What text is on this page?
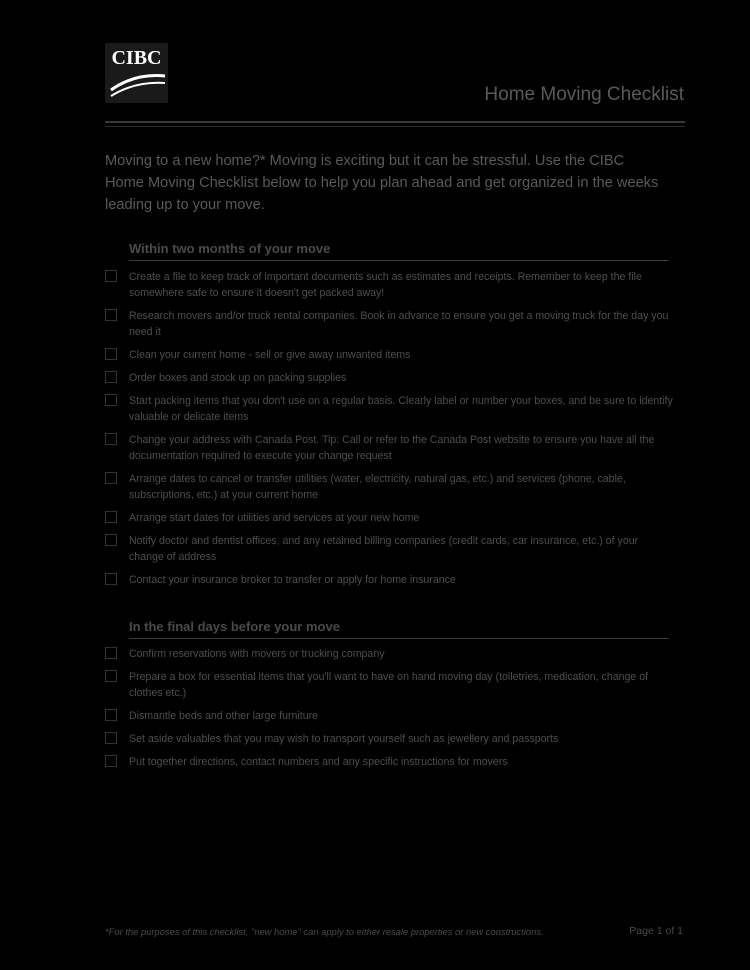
CIBC
Home Moving Checklist

Moving to a new home?* Moving is exciting but it can be stressful. Use the CIBC Home Moving Checklist below to help you plan ahead and get organized in the weeks leading up to your move.

Within two months of your move
Create a file to keep track of important documents such as estimates and receipts. Remember to keep the file somewhere safe to ensure it doesn't get packed away!
Research movers and/or truck rental companies. Book in advance to ensure you get a moving truck for the day you need it
Clean your current home - sell or give away unwanted items
Order boxes and stock up on packing supplies
Start packing items that you don't use on a regular basis. Clearly label or number your boxes, and be sure to identify valuable or delicate items
Change your address with Canada Post. Tip: Call or refer to the Canada Post website to ensure you have all the documentation required to execute your change request
Arrange dates to cancel or transfer utilities (water, electricity, natural gas, etc.) and services (phone, cable, subscriptions, etc.) at your current home
Arrange start dates for utilities and services at your new home
Notify doctor and dentist offices, and any retained billing companies (credit cards, car insurance, etc.) of your change of address
Contact your insurance broker to transfer or apply for home insurance
In the final days before your move
Confirm reservations with movers or trucking company
Prepare a box for essential items that you'll want to have on hand moving day (toiletries, medication, change of clothes etc.)
Dismantle beds and other large furniture
Set aside valuables that you may wish to transport yourself such as jewellery and passports
Put together directions, contact numbers and any specific instructions for movers
*For the purposes of this checklist, "new home" can apply to either resale properties or new constructions.	Page 1 of 1
